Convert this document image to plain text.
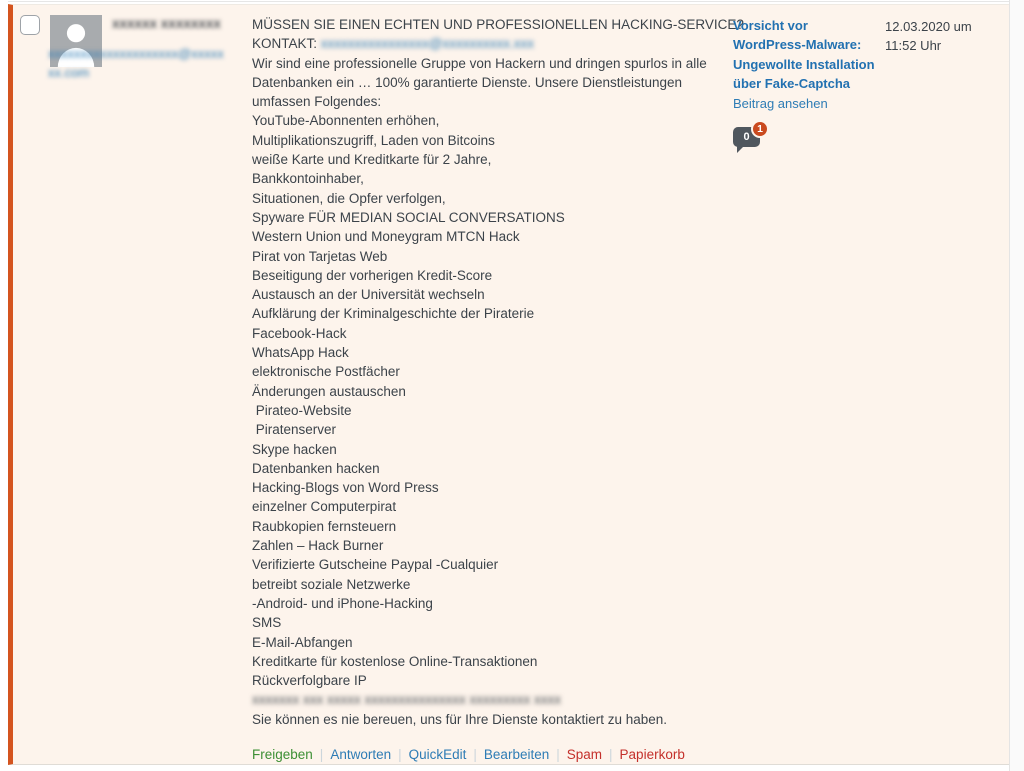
xxxxxx xxxxxxxx
xxxxxxxxxxxxxxxxxxxx@xxxxxxx.com
MÜSSEN SIE EINEN ECHTEN UND PROFESSIONELLEN HACKING-SERVICE?
KONTAKT: xxxxxxxxxxxxxxxx@xxxxxxxxxx.xxx
Wir sind eine professionelle Gruppe von Hackern und dringen spurlos in alle
Datenbanken ein … 100% garantierte Dienste. Unsere Dienstleistungen
umfassen Folgendes:
YouTube-Abonnenten erhöhen,
Multiplikationszugriff, Laden von Bitcoins
weiße Karte und Kreditkarte für 2 Jahre,
Bankkontoinhaber,
Situationen, die Opfer verfolgen,
Spyware FÜR MEDIAN SOCIAL CONVERSATIONS
Western Union und Moneygram MTCN Hack
Pirat von Tarjetas Web
Beseitigung der vorherigen Kredit-Score
Austausch an der Universität wechseln
Aufklärung der Kriminalgeschichte der Piraterie
Facebook-Hack
WhatsApp Hack
elektronische Postfächer
Änderungen austauschen
Pirateo-Website
Piratenserver
Skype hacken
Datenbanken hacken
Hacking-Blogs von Word Press
einzelner Computerpirat
Raubkopien fernsteuern
Zahlen – Hack Burner
Verifizierte Gutscheine Paypal -Cualquier
betreibt soziale Netzwerke
-Android- und iPhone-Hacking
SMS
E-Mail-Abfangen
Kreditkarte für kostenlose Online-Transaktionen
Rückverfolgbare IP
xxxxxxx xxx xxxxx xxxxxxxxxxxxxxx xxxxxxxxx xxxx
Sie können es nie bereuen, uns für Ihre Dienste kontaktiert zu haben.
Freigeben | Antworten | QuickEdit | Bearbeiten | Spam | Papierkorb
Vorsicht vor WordPress-Malware: Ungewollte Installation über Fake-Captcha
Beitrag ansehen
0
1
12.03.2020 um 11:52 Uhr
